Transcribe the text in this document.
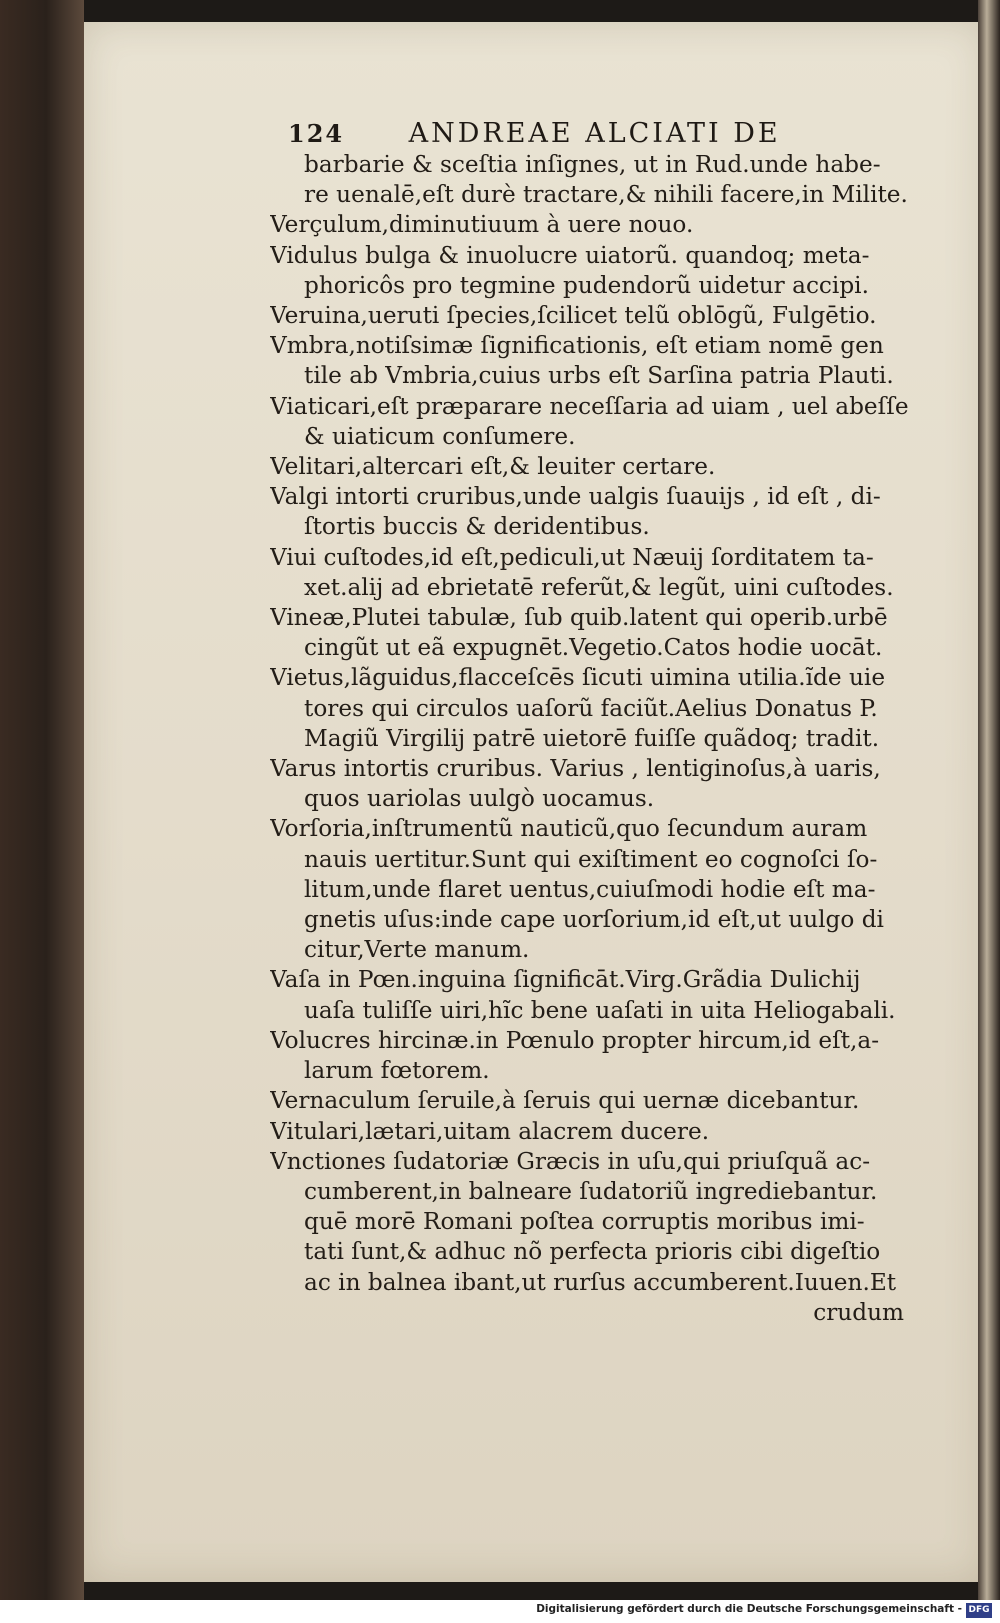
124 ANDREAE ALCIATI DE
barbarie & sceſtia inſignes, ut in Rud.unde habe-
re uenalē,eſt durè tractare,& nihili facere,in Milite.
Verçulum,diminutiuum à uere nouo.
Vidulus bulga & inuolucre uiatorũ. quandoq; meta-
phoricôs pro tegmine pudendorũ uidetur accipi.
Veruina,ueruti ſpecies,ſcilicet telũ oblōgũ, Fulgētio.
Vmbra,notiſsimæ ſignificationis, eſt etiam nomē gen
tile ab Vmbria,cuius urbs eſt Sarſina patria Plauti.
Viaticari,eſt præparare neceſſaria ad uiam , uel abeſſe
& uiaticum conſumere.
Velitari,altercari eſt,& leuiter certare.
Valgi intorti cruribus,unde ualgis ſuauijs , id eſt , di-
ſtortis buccis & deridentibus.
Viui cuſtodes,id eſt,pediculi,ut Næuij ſorditatem ta-
xet.alij ad ebrietatē referũt,& legũt, uini cuſtodes.
Vineæ,Plutei tabulæ, ſub quib.latent qui operib.urbē
cingũt ut eã expugnēt.Vegetio.Catos hodie uocāt.
Vietus,lãguidus,flacceſcēs ſicuti uimina utilia.ĩde uie
tores qui circulos uaſorũ faciũt.Aelius Donatus P.
Magiũ Virgilij patrē uietorē fuiſſe quãdoq; tradit.
Varus intortis cruribus. Varius , lentiginoſus,à uaris,
quos uariolas uulgò uocamus.
Vorſoria,inſtrumentũ nauticũ,quo ſecundum auram
nauis uertitur.Sunt qui exiſtiment eo cognoſci ſo-
litum,unde flaret uentus,cuiuſmodi hodie eſt ma-
gnetis uſus:inde cape uorſorium,id eſt,ut uulgo di
citur,Verte manum.
Vaſa in Pœn.inguina ſignificāt.Virg.Grãdia Dulichij
uaſa tuliſſe uiri,hĩc bene uaſati in uita Heliogabali.
Volucres hircinæ.in Pœnulo propter hircum,id eſt,a-
larum fœtorem.
Vernaculum ſeruile,à ſeruis qui uernæ dicebantur.
Vitulari,lætari,uitam alacrem ducere.
Vnctiones ſudatoriæ Græcis in uſu,qui priuſquã ac-
cumberent,in balneare ſudatoriũ ingrediebantur.
quē morē Romani poſtea corruptis moribus imi-
tati ſunt,& adhuc nõ perfecta prioris cibi digeſtio
ac in balnea ibant,ut rurſus accumberent.Iuuen.Et
crudum
Digitalisierung gefördert durch die Deutsche Forschungsgemeinschaft - DFG
